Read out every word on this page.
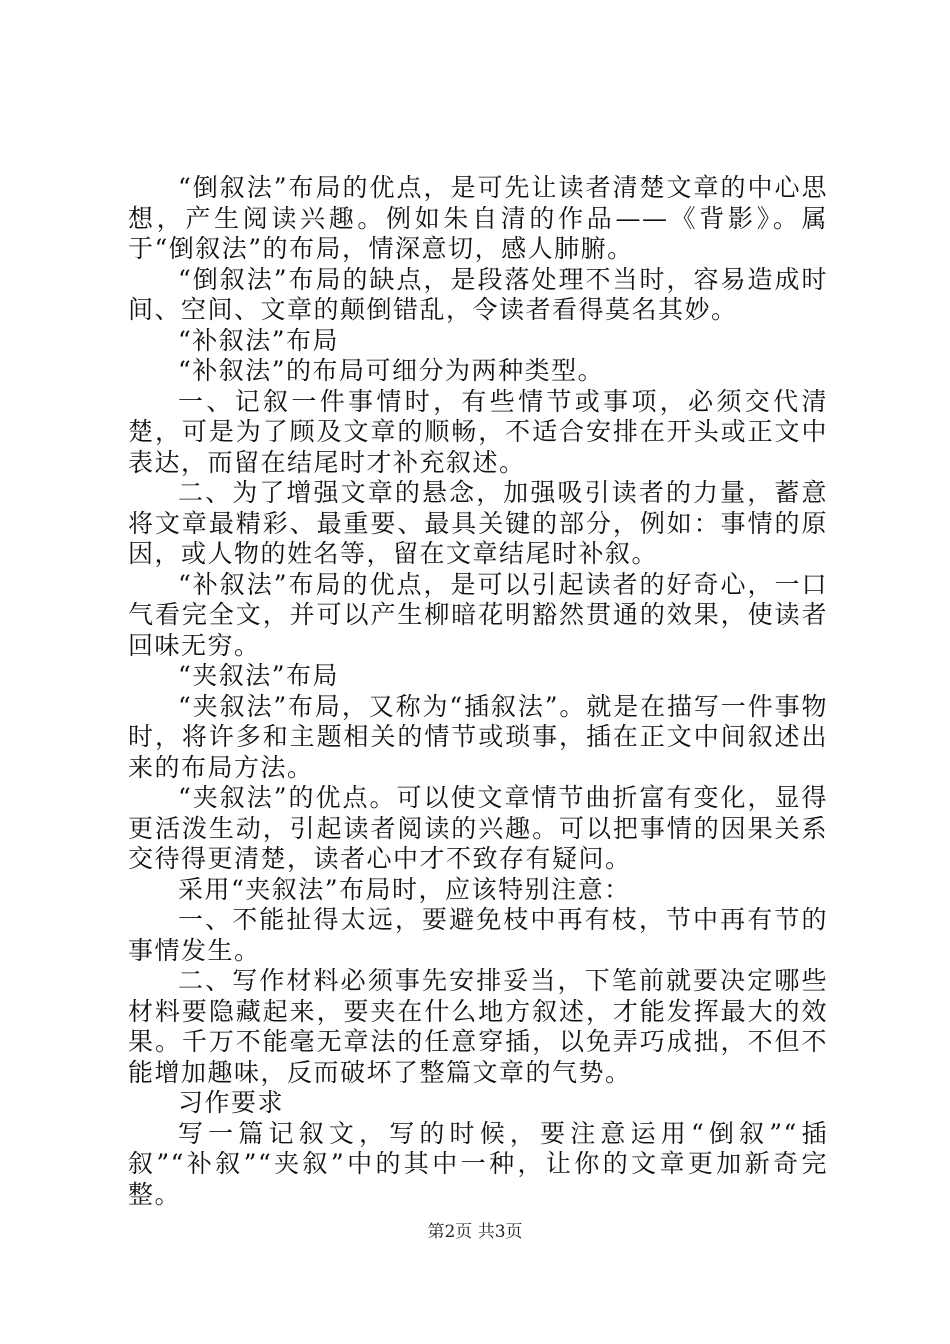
“倒叙法”布局的优点，是可先让读者清楚文章的中心思想，产生阅读兴趣。例如朱自清的作品——《背影》。属于“倒叙法”的布局，情深意切，感人肺腑。

“倒叙法”布局的缺点，是段落处理不当时，容易造成时间、空间、文章的颠倒错乱，令读者看得莫名其妙。

“补叙法”布局

“补叙法”的布局可细分为两种类型。

一、记叙一件事情时，有些情节或事项，必须交代清楚，可是为了顾及文章的顺畅，不适合安排在开头或正文中表达，而留在结尾时才补充叙述。

二、为了增强文章的悬念，加强吸引读者的力量，蓄意将文章最精彩、最重要、最具关键的部分，例如：事情的原因，或人物的姓名等，留在文章结尾时补叙。

“补叙法”布局的优点，是可以引起读者的好奇心，一口气看完全文，并可以产生柳暗花明豁然贯通的效果，使读者回味无穷。

“夹叙法”布局

“夹叙法”布局，又称为“插叙法”。就是在描写一件事物时，将许多和主题相关的情节或琐事，插在正文中间叙述出来的布局方法。

“夹叙法”的优点。可以使文章情节曲折富有变化，显得更活泼生动，引起读者阅读的兴趣。可以把事情的因果关系交待得更清楚，读者心中才不致存有疑问。

采用“夹叙法”布局时，应该特别注意：

一、不能扯得太远，要避免枝中再有枝，节中再有节的事情发生。

二、写作材料必须事先安排妥当，下笔前就要决定哪些材料要隐藏起来，要夹在什么地方叙述，才能发挥最大的效果。千万不能毫无章法的任意穿插，以免弄巧成拙，不但不能增加趣味，反而破坏了整篇文章的气势。

习作要求

写一篇记叙文，写的时候，要注意运用“倒叙”“插叙”“补叙”“夹叙”中的其中一种，让你的文章更加新奇完整。

第2页 共3页
